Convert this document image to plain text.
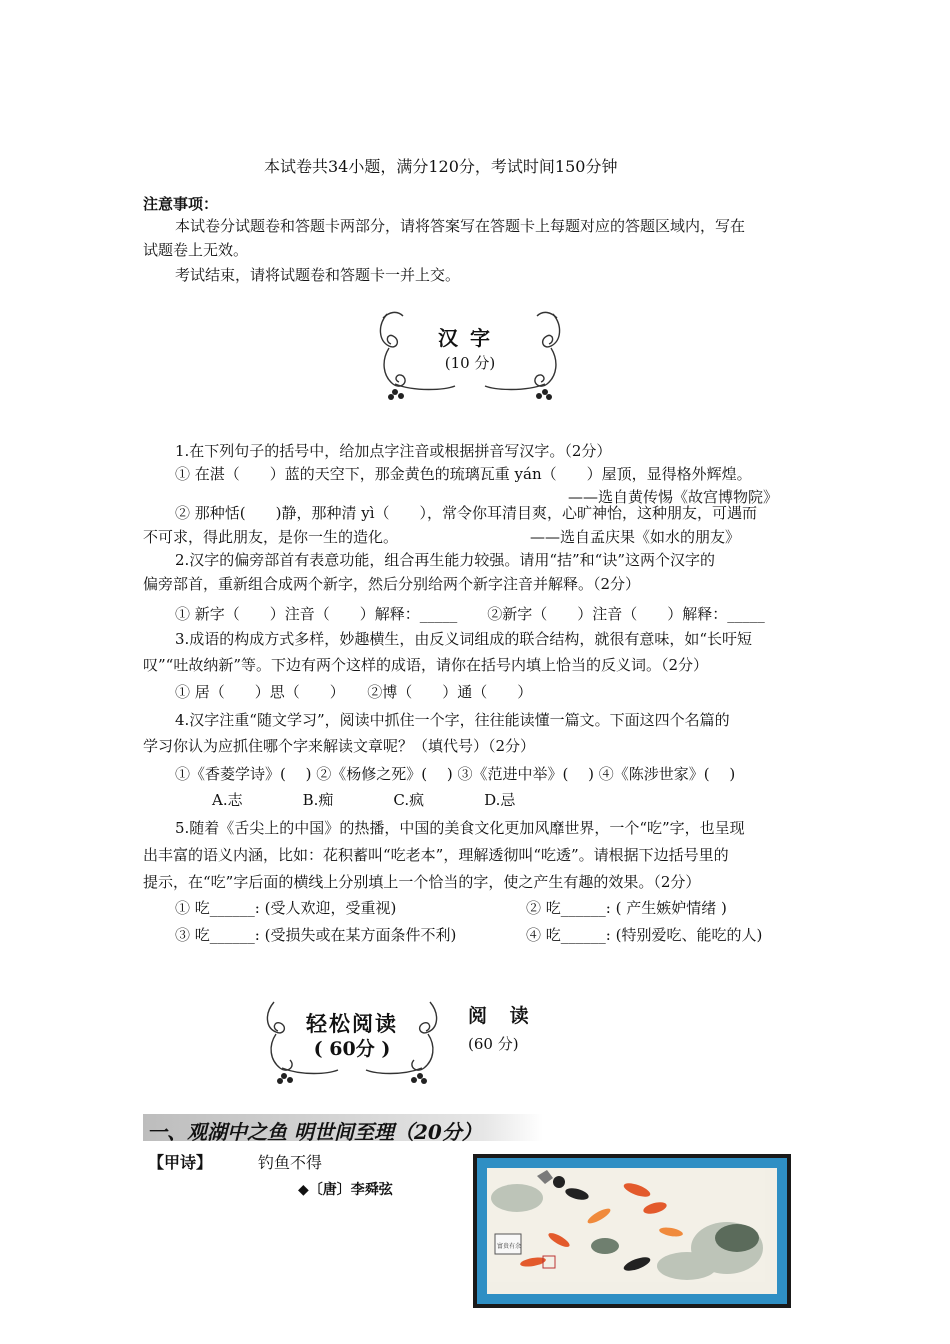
本试卷共34小题，满分120分，考试时间150分钟
注意事项：
本试卷分试题卷和答题卡两部分，请将答案写在答题卡上每题对应的答题区域内，写在
试题卷上无效。
考试结束，请将试题卷和答题卡一并上交。
汉字
(10 分)
1.在下列句子的括号中，给加点字注音或根据拼音写汉字。（2分）
① 在湛（　　）蓝的天空下，那金黄色的琉璃瓦重 yán（　　）屋顶，显得格外辉煌。
——选自黄传惕《故宫博物院》
② 那种恬(　　)静，那种清 yì（　　），常令你耳清目爽，心旷神怡，这种朋友，可遇而
不可求，得此朋友，是你一生的造化。	——选自孟庆果《如水的朋友》
2.汉字的偏旁部首有表意功能，组合再生能力较强。请用“拮”和“诀”这两个汉字的
偏旁部首，重新组合成两个新字，然后分别给两个新字注音并解释。（2分）
① 新字（　　）注音（　　）解释：_____　　②新字（　　）注音（　　）解释：_____
3.成语的构成方式多样，妙趣横生，由反义词组成的联合结构，就很有意味，如“长吁短
叹”“吐故纳新”等。下边有两个这样的成语，请你在括号内填上恰当的反义词。（2分）
① 居（　　）思（　　）　　②博（　　）通（　　）
4.汉字注重“随文学习”，阅读中抓住一个字，往往能读懂一篇文。下面这四个名篇的
学习你认为应抓住哪个字来解读文章呢？（填代号）（2分）
①《香菱学诗》(　 ) ②《杨修之死》(　 ) ③《范进中举》(　 ) ④《陈涉世家》(　 )
A.志　　　　B.痴　　　　C.疯　　　　D.忌
5.随着《舌尖上的中国》的热播，中国的美食文化更加风靡世界，一个“吃”字，也呈现
出丰富的语义内涵，比如：花积蓄叫“吃老本”，理解透彻叫“吃透”。请根据下边括号里的
提示，在“吃”字后面的横线上分别填上一个恰当的字，使之产生有趣的效果。（2分）
① 吃______: (受人欢迎，受重视)	② 吃______: ( 产生嫉妒情绪 )
③ 吃______: (受损失或在某方面条件不利)	④ 吃______: (特别爱吃、能吃的人)
轻松阅读
( 60分 )
阅 读
(60 分)
一、观湖中之鱼 明世间至理（20分）
【甲诗】	钓鱼不得
◆〔唐〕李舜弦
富贵有余
